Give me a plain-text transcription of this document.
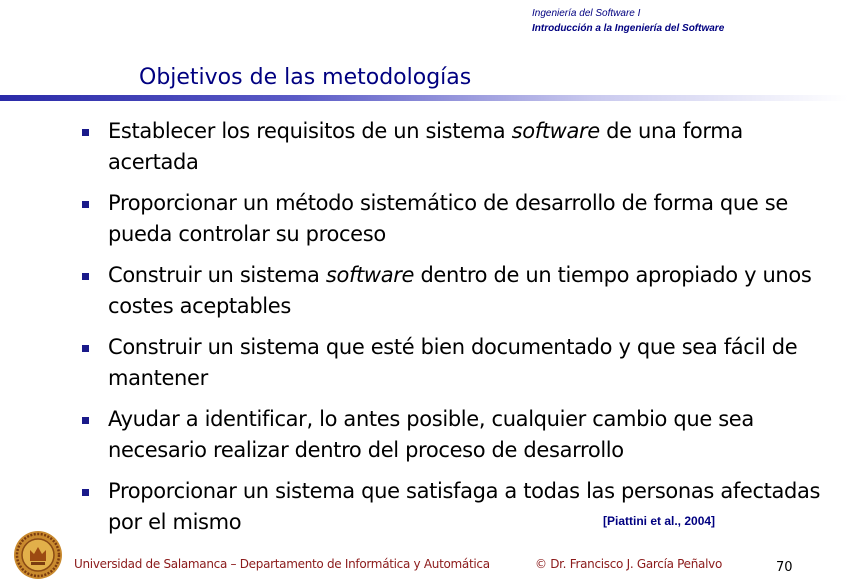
Ingeniería del Software I
Introducción a la Ingeniería del Software
Objetivos de las metodologías
Establecer los requisitos de un sistema software de una forma acertada
Proporcionar un método sistemático de desarrollo de forma que se pueda controlar su proceso
Construir un sistema software dentro de un tiempo apropiado y unos costes aceptables
Construir un sistema que esté bien documentado y que sea fácil de mantener
Ayudar a identificar, lo antes posible, cualquier cambio que sea necesario realizar dentro del proceso de desarrollo
Proporcionar un sistema que satisfaga a todas las personas afectadas por el mismo	[Piattini et al., 2004]
Universidad de Salamanca – Departamento de Informática y Automática	© Dr. Francisco J. García Peñalvo	70
